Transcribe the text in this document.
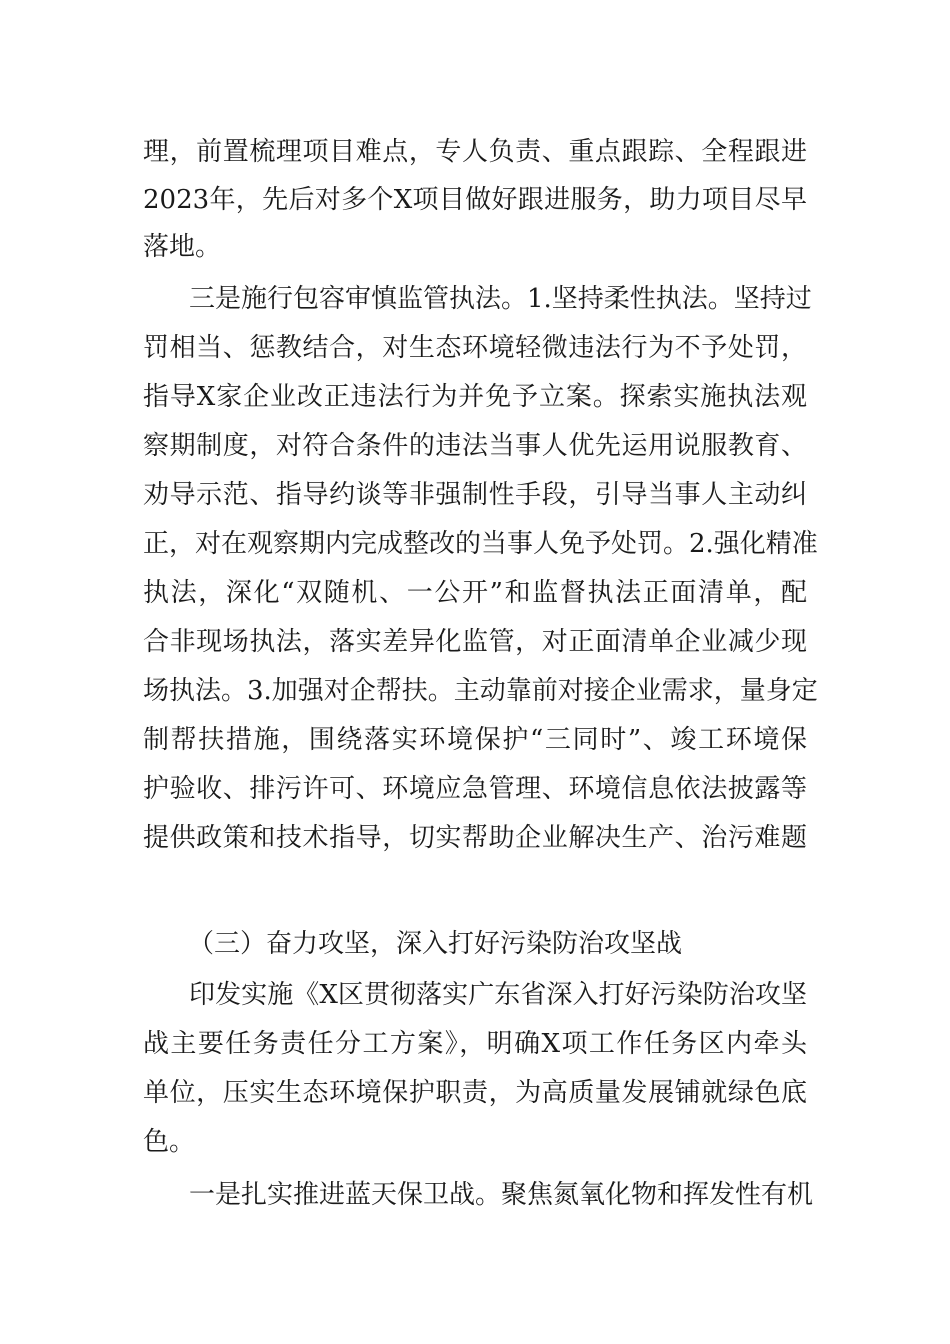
理，前置梳理项目难点，专人负责、重点跟踪、全程跟进
2023年，先后对多个X项目做好跟进服务，助力项目尽早
落地。
三是施行包容审慎监管执法。1.坚持柔性执法。坚持过
罚相当、惩教结合，对生态环境轻微违法行为不予处罚，
指导X家企业改正违法行为并免予立案。探索实施执法观
察期制度，对符合条件的违法当事人优先运用说服教育、
劝导示范、指导约谈等非强制性手段，引导当事人主动纠
正，对在观察期内完成整改的当事人免予处罚。2.强化精准
执法，深化“双随机、一公开”和监督执法正面清单，配
合非现场执法，落实差异化监管，对正面清单企业减少现
场执法。3.加强对企帮扶。主动靠前对接企业需求，量身定
制帮扶措施，围绕落实环境保护“三同时”、竣工环境保
护验收、排污许可、环境应急管理、环境信息依法披露等
提供政策和技术指导，切实帮助企业解决生产、治污难题
（三）奋力攻坚，深入打好污染防治攻坚战
印发实施《X区贯彻落实广东省深入打好污染防治攻坚
战主要任务责任分工方案》，明确X项工作任务区内牵头
单位，压实生态环境保护职责，为高质量发展铺就绿色底
色。
一是扎实推进蓝天保卫战。聚焦氮氧化物和挥发性有机
